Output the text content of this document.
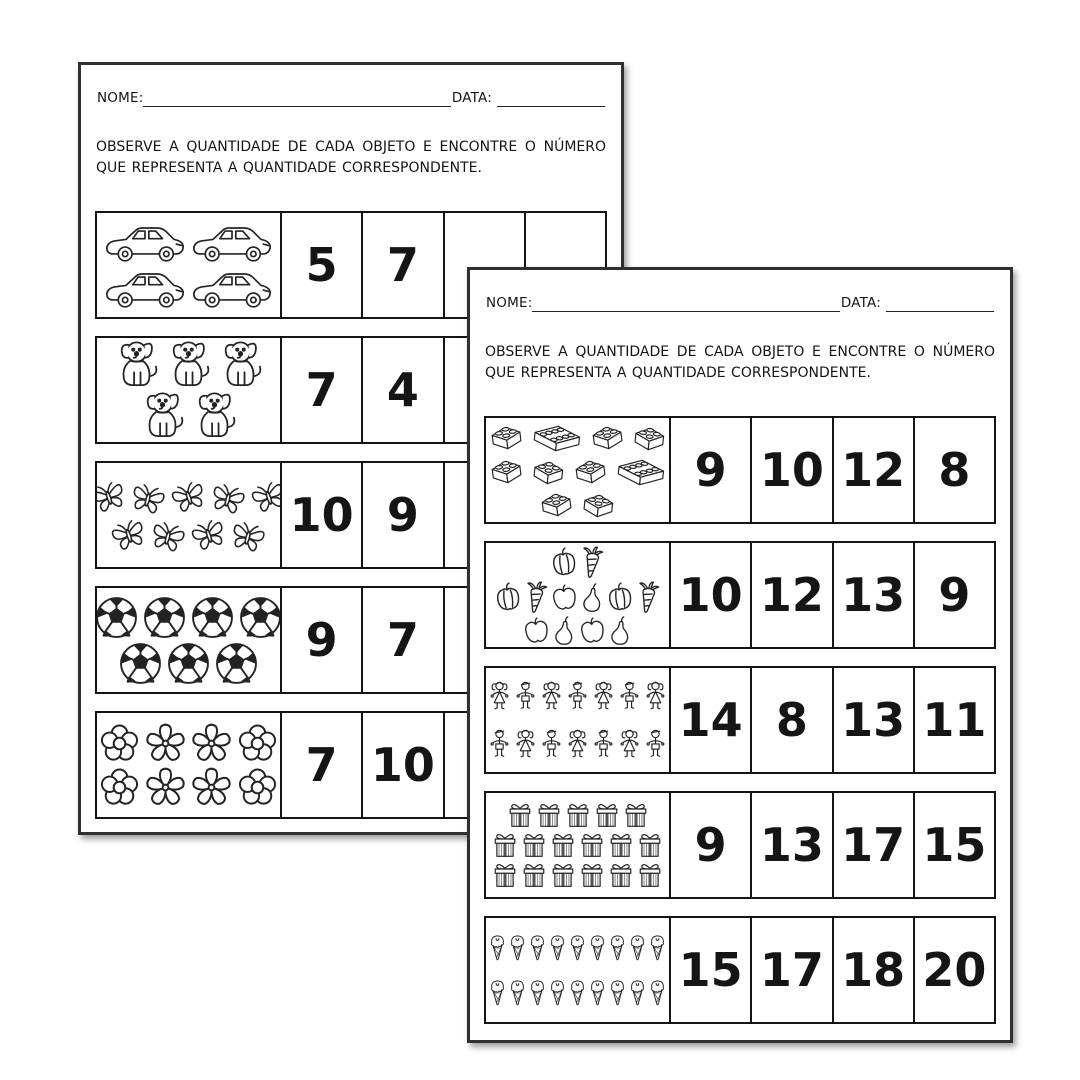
NOME:	DATA:

OBSERVE A QUANTIDADE DE CADA OBJETO E ENCONTRE O NÚMERO QUE REPRESENTA A QUANTIDADE CORRESPONDENTE.

5	7
7	4
10 9
9	7
7 10
NOME:	DATA:

OBSERVE A QUANTIDADE DE CADA OBJETO E ENCONTRE O NÚMERO QUE REPRESENTA A QUANTIDADE CORRESPONDENTE.

9 10 12 8
10 12 13 9
14 8 13 11
9 13 17 15
15 17 18 20
